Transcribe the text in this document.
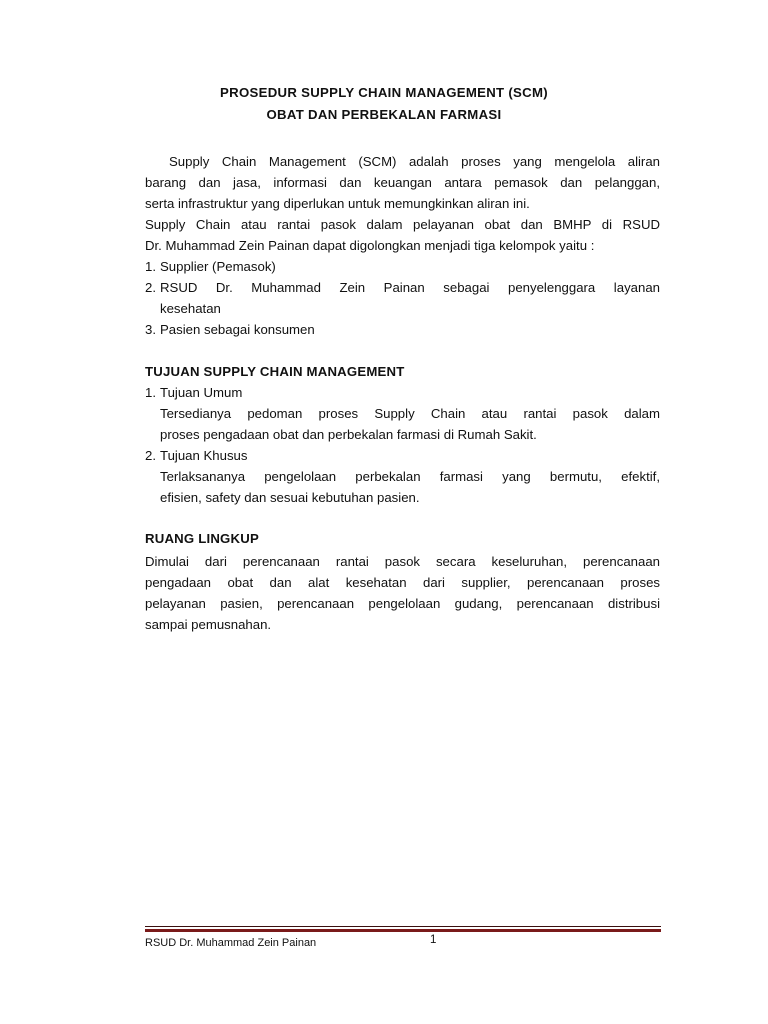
PROSEDUR SUPPLY CHAIN MANAGEMENT (SCM)
OBAT DAN PERBEKALAN FARMASI
Supply Chain Management (SCM) adalah proses yang mengelola aliran
barang dan jasa, informasi dan keuangan antara pemasok dan pelanggan,
serta infrastruktur yang diperlukan untuk memungkinkan aliran ini.
Supply Chain atau rantai pasok dalam pelayanan obat dan BMHP di RSUD
Dr. Muhammad Zein Painan dapat digolongkan menjadi tiga kelompok yaitu :
1. Supplier (Pemasok)
2. RSUD Dr. Muhammad Zein Painan sebagai penyelenggara layanan
kesehatan
3. Pasien sebagai konsumen
TUJUAN SUPPLY CHAIN MANAGEMENT
1. Tujuan Umum
Tersedianya pedoman proses Supply Chain atau rantai pasok dalam
proses pengadaan obat dan perbekalan farmasi di Rumah Sakit.
2. Tujuan Khusus
Terlaksananya pengelolaan perbekalan farmasi yang bermutu, efektif,
efisien, safety dan sesuai kebutuhan pasien.
RUANG LINGKUP
Dimulai dari perencanaan rantai pasok secara keseluruhan, perencanaan
pengadaan obat dan alat kesehatan dari supplier, perencanaan proses
pelayanan pasien, perencanaan pengelolaan gudang, perencanaan distribusi
sampai pemusnahan.
RSUD Dr. Muhammad Zein Painan	1
